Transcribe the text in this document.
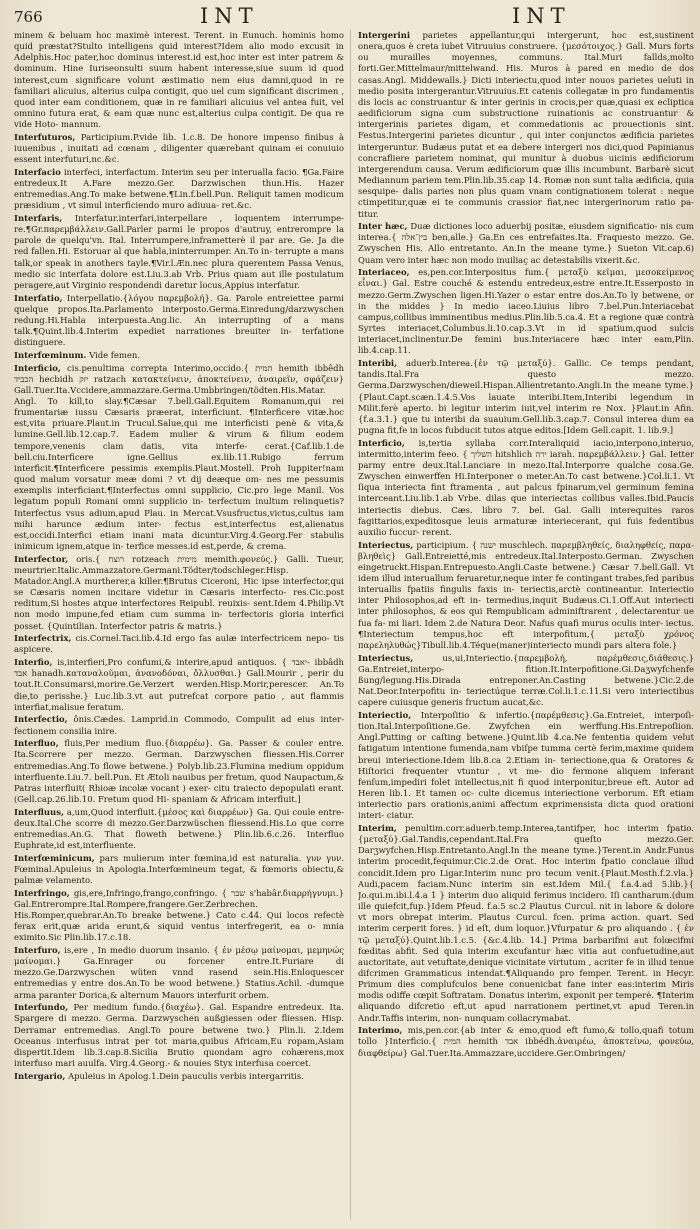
766	INT	INT

minem & beluam hoc maximè interest. Terent. in Eunuch. hominis homo quid præstat?Stulto intelligens quid interest?Idem alio modo excusit in Adelphis.Hoc pater,hoc dominus interest.id est,hoc inter est inter patrem & dominum. Hine Iuriseonsulti suum habent interesse,siue suum id quod interest,cum significare volunt æstimatio nem eius damni,quod in re familiari alicuius, alterius culpa contigit, quo uel cum significant discrimen , quod inter eam conditionem, quæ in re familiari alicuius vel antea fuit, vel omnino futura erat, & eam quæ nunc est,alterius culpa contigit. De qua re vide Hoto- mannum.

Interfuturos, Participium.P.vide lib. 1.c.8. De honore impenso finibus à iuuenibus , inuitati ad cœnam , diligenter quærebant quinam ei conuiuio essent interfuturi,nc.&c.

Interfacio interfeci, interfactum. Interim seu per interualla facio. ¶Ga.Faire entredeux.It A.Fare mezzo.Ger. Darzwischen thun.His. Hazer entremedias.Ang.To make betwene.¶Lin.f.bell.Pun. Reliquit tamen modicum præsidium , vt simul interficiendo muro adiuua- ret.&c.

Interfaris, Interfatur.interfari,interpellare , loquentem interrumpe- re.¶Gr.παρεμβάλλειν.Gall.Parler parmi le propos d'autruy, entrerompre la parole de quelqu'vn. Ital. Interrumpere,inframetterè il par are. Ge. Ja die red fallen.Hi. Estoruar al que habla,ininterrumper. An.To in- terrupte a mans talk,or speak in anothers tayle.¶Vir.l.Æn.nec plura querentem Passa Venus, medio sic interfata dolore est.Liu.3.ab Vrb. Prius quam aut ille postulatum peragere,aut Virginio respondendi daretur locus,Appius interfatur.

Interfatio, Interpellatio.{λόγου παρεμβολή}. Ga. Parole entreiettee parmi quelque propos.Ita.Parlamento interposto.Germa.Einredung/darzwyschen redung.Hi.Habla interpuesta.Ang.lic. An interrupting of a mans talk.¶Quint.lib.4.Interim expediet narrationes breuiter in- terfatione distinguere.

Interfœminum. Vide femen.

Interficio, cis.penultima correpta Interimo,occido.{ המית hemith ibbêdh הכביד hecbidh יזק ratzach κατακτείνειν, ἀποκτείνειν, ἀναιρεῖν, σφάζειν} Gall.Tuer.Ita.Vccidere,ammazzare.Germa.Umbbringen/tödten.His.Matar. Angl. To kill,to slay.¶Cæsar 7.bell.Gall.Equitem Romanum,qui rei frumentariæ iussu Cæsaris præerat, interficiunt. ¶Interficere vitæ.hoc est,vita priuare.Plaut.in Trucul.Salue,qui me interficisti penè & vita,& lumine.Gell.lib.12.cap.7. Eadem mulier & virum & filium eodem tempore,venenis clam datis, vita interfe- cerat.{Caf.lib.1.de bell.ciu.Interficere igne.Gellius ex.lib.11.Rubigo ferrum interficit.¶Interficere pessimis exemplis.Plaut.Mostell. Proh Iuppiter!nam quod malum vorsatur meæ domi ? vt dij deæque om- nes me pessumis exemplis interficiant.¶Interfectus omni supplicio, Cic.pro lege Manil. Vos legatum populi Romani omni supplicio in- terfectum inultum relinquetis?Interfectus vsus adium,apud Plau. in Mercat.Vsusfructus,victus,cultus iam mihi harunce ædium inter- fectus est,interfectus est,alienatus est,occidi.Interfici etiam inani mata dicuntur.Virg.4.Georg.Fer stabulis inimicum ignem,atque in- terfice messes.id est,perde, & crema.

Interfector, oris.{ רוצח rotzeach מימית memith.φονεύς.} Galli. Tueur, meurtrier.Italic.Ammazzatore.Germani.Tödter/todschleger.Hisp. Matador.Angl.A murtherer,a killer.¶Brutus Ciceroni, Hic ipse interfector,qui se Cæsaris nomen incitare videtur in Cæsaris interfecto- res.Cic.post reditum,Si hostes atque interfectores Reipubl. reuixis- sent.Idem 4.Philip.Vt non modo impune,fed etiam cum summa in- terfectoris gloria interfici posset. {Quintilian. Interfector patris & matris.}

Interfectrix, cis.Cornel.Taci.lib.4.Id ergo fas aulæ interfectricem nepo- tis aspicere.

Interfio, is,interfieri,Pro confumi,& interire,apud antiquos. { יאבד- ibbâdh אבד hanadh.καταναλοῦμαι, ἀνανοδόναι, ὄλλυσθαι.} Gall.Mourir , perir du tout.It.Consumarsi,morire.Ge.Verzert werden.Hisp.Morir,perescer. An.To die,to perisshe.} Luc.lib.3.vt aut putrefcat corpore patio , aut flammis interfiat,malisue feratum.

Interfectio, ônis.Cædes. Lamprid.in Commodo, Compulit ad eius inter- fectionem consilia inire.

Interfluo, fluis,Per medium fluo.{διαρρέω}. Ga. Passer & couler entre. Ita.Scorrere per mezzo. German. Darzwyschen fliessen.His.Correr entremedias.Ang.To flowe betwene.} Polyb.lib.23.Flumina medium oppidum interfluente.Liu.7. bell.Pun. Et Ætoli nauibus per fretum, quod Naupactum,& Patras interfluit( Rhioæ incolæ vocant ) exer- citu traiecto depopulati erant.(Gell.cap.26.lib.10. Fretum quod Hi- spaniam & Africam interfluit.]

Interfluus, a,um,Quod interfluit.{μέσος καὶ διαρρέων} Ga. Qui coule entre- deux.Ital.Che scorre di mezzo.Ger.Darzwüschen fliessend.His.Lo que corre entremedias.An.G. That floweth betwene.} Plin.lib.6.c.26. Interfluo Euphrate,id est,interfluente.

Interfœminicum, pars mulierum inter fœmina,id est naturalia. γυν γυν. Fœminal.Apuleius in Apologia.Interfœmineum tegat, & fœmoris obiectu,& palmæ velamento.

Interfringo, gis,ere,Infringo,frango,confringo. { שבר s'habâr.διαρρήγνυμι.} Gal.Entrerompre.Ital.Rompere,frangere.Ger.Zerbrechen. His.Romper,quebrar.An.To breake betwene.} Cato c.44. Qui locos refectè ferax erit,quæ arida erunt,& siquid ventus interfregerit, ea o- mnia eximito.Sic Plin.lib.17.c.18.

Interfuro, is,ere , In medio duorum insanio. { ἐν μέσῳ μαίνομαι, μεμηνώς μαίνομαι.} Ga.Enrager ou forcener entre.It.Furiare di mezzo.Ge.Darzwyschen wüten vnnd rasend sein.His.Enloquescer entremedias y entre dos.An.To be wood betwene.} Statius.Achil. -dumque arma paranter Dorica,& alternum Mauors interfurit orbem.

Interfundo, Per medium fundo.{διαχέω}. Gal. Espandre entredeux. Ita. Spargere di mezzo. Germa. Darzwyschen außgiessen oder fliessen. Hisp. Derramar entremedias. Angl.To poure betwene two.} Plin.li. 2.Idem Oceanus interfusus intrat per tot maria,quibus Africam,Eu ropam,Asiam dispertit.Idem lib.3.cap.8.Sicilia Brutio quondam agro cohærens,mox interfuso mari auulfa. Virg.4.Georg.- & nouies Styx interfusa coercet.

Intergario, Apuleius in Apolog.1.Dein pauculis verbis intergarritis.

Intergerini parietes appellantur,qui intergerunt, hoc est,sustinent onera,quos è creta iubet Vitruuius construere. {μεσότοιχος.} Gall. Murs forts ou murailles moyennes, communs. Ital.Muri fallds,molto forti.Ger.Mittelmaur/mittelwand. His. Muros à pared en medio de dos casas.Angl. Middewalls.} Dicti interiectu,quod inter nouos parietes ueluti in medio posita intergerantur.Vitruuius.Et catenis collegatæ in pro fundamentis dis locis ac construantur & inter gerinis in crocis,per quæ,quasi ex ecliptica aedificiorum signa cum substructione ruinationis ac construantur & intergerinis parietes digam, et commedationis ac prouectionis sint. Festus.Intergerini parietes dicuntur , qui inter conjunctos ædificia parietes intergeruntur. Budæus putat et ea debere intergeri nos dici,quod Papinianus concrafliere parietem nominat, qui munitur à duobus uicinis ædificiorum intergerendum causa. Verum ædificiorum quæ illis incumbunt. Barbarè sicut Mediannum pariem tem.Plin.lib.35.cap 14. Romæ non sunt talia ædificia, quia sesquipe- dalis paries non plus quam vnam contignationem tolerat : neque ctimpetitur,quæ ei te communis crassior fiat,nec intergerinorum ratio pa- titur.

Inter hæc, Duæ dictiones loco aduerbij positæ, eiusdem significatio- nis cum interea.{ בין־אלה ben,alle.} Ga.En ces entrefaites.Ita. Fraquesto mezzo. Ge. Zwyschen His. Allo entretanto. An.In the meane tyme.} Sueton Vit.cap.6) Quam vero inter hæc non modo inuiliaç ac detestabilis vixerit.&c.

Interiaceo, es,pen.cor.Interpositus fum.{ μεταξὺ κεῖμαι, μεσοκείμενος εἶναι.} Gal. Estre couché & estendu entredeux,estre entre.It.Esserposto in mezzo.Germ.Zwyschen ligen.Hi.Yazer o estar entre dos.An.To ly betwene, or in the middes } In medio iaceo.Liuius libro 7.bel.Pun.Interiacebat campus,collibus imminentibus medius.Plin.lib.5.ca.4. Et a regione quæ contrà Syrtes interiacet,Columbus.li.10.cap.3.Vt in id spatium,quod sulcis interiacet,inclinentur.De femini bus.Interiacere hæc inter eam,Plin. lib.4.cap.11.

Interibi, aduerb.Interea.{ἐν τῷ μεταξύ}. Gallic. Ce temps pendant, tandis.Ital.Fra questo mezzo. Germa.Darzwyschen/dieweil.Hispan.Allientretanto.Angli.In the meane tyme.} {Plaut.Capt.scæn.1.4.5.Vos lauate interibi.Item,Interibi legendum in Milit.ferè aperto. bi legitur interim iuit,vel interim re Nox. }Plaut.in Afin.{f.a.3.1.} que tu interibi da suauium.Gell.lib.3.cap.7. Consul interea dum ea pugna fit,fe in locos fubducit tutos atque editos.[Idem Gell.capit. 1. lib.9.]

Interficio, is,tertia syllaba corr.Interaliquid iacio,interpono,interuo, intermitto,interim feeo. { השליך hitshlich ירה iarah. παρεμβάλλειν.} Gal. Ietter parmy entre deux.Ital.Lanciare in mezo.Ital.Interporre qualche cosa.Ge. Zwyschen einwerffen Hi.Interponer o meter.An.To cast betwene.}Col.li.1. Vt ſiqua interiecta fint ftramenta , aut palcus fpinarum,vel germinum femina interceant.Liu.lib.1.ab Vrbe. dilas que interiectas collibus valles.Ibid.Paucis interiectis diebus. Cæs. libro 7. bel. Gal. Galli interequites raros fagittarios,expeditosque leuis armaturæ interiecerant, qui fuis fedentibus auxilio fuccur- rerent.

Interiectus, participium. { ישנה muschlech. παρεμβληθείς, διαληφθείς, παρα- βληθεὶς} Gall.Entreietté,mis entredeux.Ital.Interposto.German. Zwyschen eingetruckt.Hispan.Entrepuesto.Angli.Caste betwene.} Cæsar 7.bell.Gall. Vt idem illud interuallum feruaretur,neque inter fe contingant trabes,fed paribus interuallis fpatiis fingulis faxis in- teriectis,arctè contineantur. Interiectio inter Philosophos,ad eft in- termedius,inquit Budæus.Ci.1.Off.Aut interiecti inter philosophos, & eos qui Rempublicam adminiftrarent , delectarentur ue fua fa- mi liari. Idem 2.de Natura Deor. Nafus quafi murus oculis inter- iectus. ¶Interiectum tempus,hoc eft interpofitum,{ μεταξὺ χρόνος παρεληλυθώς}Tibull.lib.4.Téque(maner)interiecto mundi pars altera fole.}

Interiectus,	us,ui,Interiectio.{παρεμβολή, παρέμθεσις,διάθεσις.} Ga.Entreiet,interpo- fition.It.Interpofitione.Gi.Daʒwyfchenfe ßung/legung.His.Dirada entreponer.An.Casting betwene.}Cic.2.de Nat.Deor.Interpofitu in- teriectúque terræ.Col.li.1.c.11.Si vero interiectibus capere cuiusque generis fructum aucat,&c.

Interiectio, Interpoſitio & infertio.{παρέμθεσις}.Ga.Entreiet, interpoſi- tion.Ital.Interpoſitione.Ge. Zwyfchen ein werffung.His.Entrepoſiion. Angl.Putting or caſting betwene.}Quint.lib 4.ca.Ne fententia quidem velut fatigatum intentione fumenda,nam vbiſpe tumma certè ferim,maxime quidem breui interiectione.Idem lib.8.ca 2.Etiam in- teriectione,qua & Oratores & Hiſtorici frequenter vtuntur , vt me- dio fermone aliquem inferant fenſum,impediri folet intellectus,nit fi quod interponitur,breue eft. Autor ad Heren lib.1. Et tamen oc- culte dicemus interiectione verborum. Eft etiam interiectio pars orationis,animi affectum exprimensista dicta quod orationi interi- ciatur.

Interim, penultim.corr.aduerb.temp.Interea,tantifper, hoc interim fpatio.{μεταξύ}.Gal.Tandis,cependant.Ital.Fra queſto mezzo.Ger. Darʒwyfchen.Hisp.Entretanto.Angl.In the meane tyme.}Terent.in Andr.Funus interim procedit,fequimur.Cic.2.de Orat. Hoc interim fpatio conclaue illud concidit.Idem pro Ligar.Interim nunc pro tecum venit.{Plaut.Mosth.f.2.vla.} Audi,pacem faciam.Nunc interim sin est.Idem Mil.{ f.a.4.ad 5.lib.}{ Jo.qui.m.ibi.l.4.a 1 } interim duo aliquid ferimus incidero. Iſi cantharum.(dum ille quiefcit,fup.}Idem Pfeud. f.a.5 sc.2 Plautus Curcul. nit in labore & dolore vt mors obrepat interim. Plautus Curcul. fcen. prima action. quart. Sed interim cerperit fores. } id eſt, dum loquor.}Vfurpatur & pro aliquando . { ἐν τῷ μεταξύ}.Quint.lib.1.c.5. {&c.4.lib. 14.] Prima barbarifmi aut folœcifmi fœditas abfit. Sed quia interim excufantur hæc vitia aut confuetudine,aut auctoritate, aut vetuftate,denique vicinitate virtutum , acriter fe in illud tenue difcrimen Grammaticus intendat.¶Aliquando pro femper. Terent. in Hecyr. Primum dies complufculos bene conuenicbat fane inter eas:interim Miris modis odiffe cœpit Softratam. Donatus interim, exponit per temperė. ¶Interim aliquando difcretio eft,ut apud narrationem pertinet,vt apud Teren.in Andr.Taffis interim, non- nunquam collacrymabat.

Interimo, mis,pen.cor.{ab inter & emo,quod eft fumo,& tollo,quafi totum tollo }Interficio.{ המית hemith אבד ibbédh.ἀναιρέω, ἀποκτείνω, φονεύω, διαφθείρω} Gal.Tuer.Ita.Ammazzare,uccidere.Ger.Ombringen/
